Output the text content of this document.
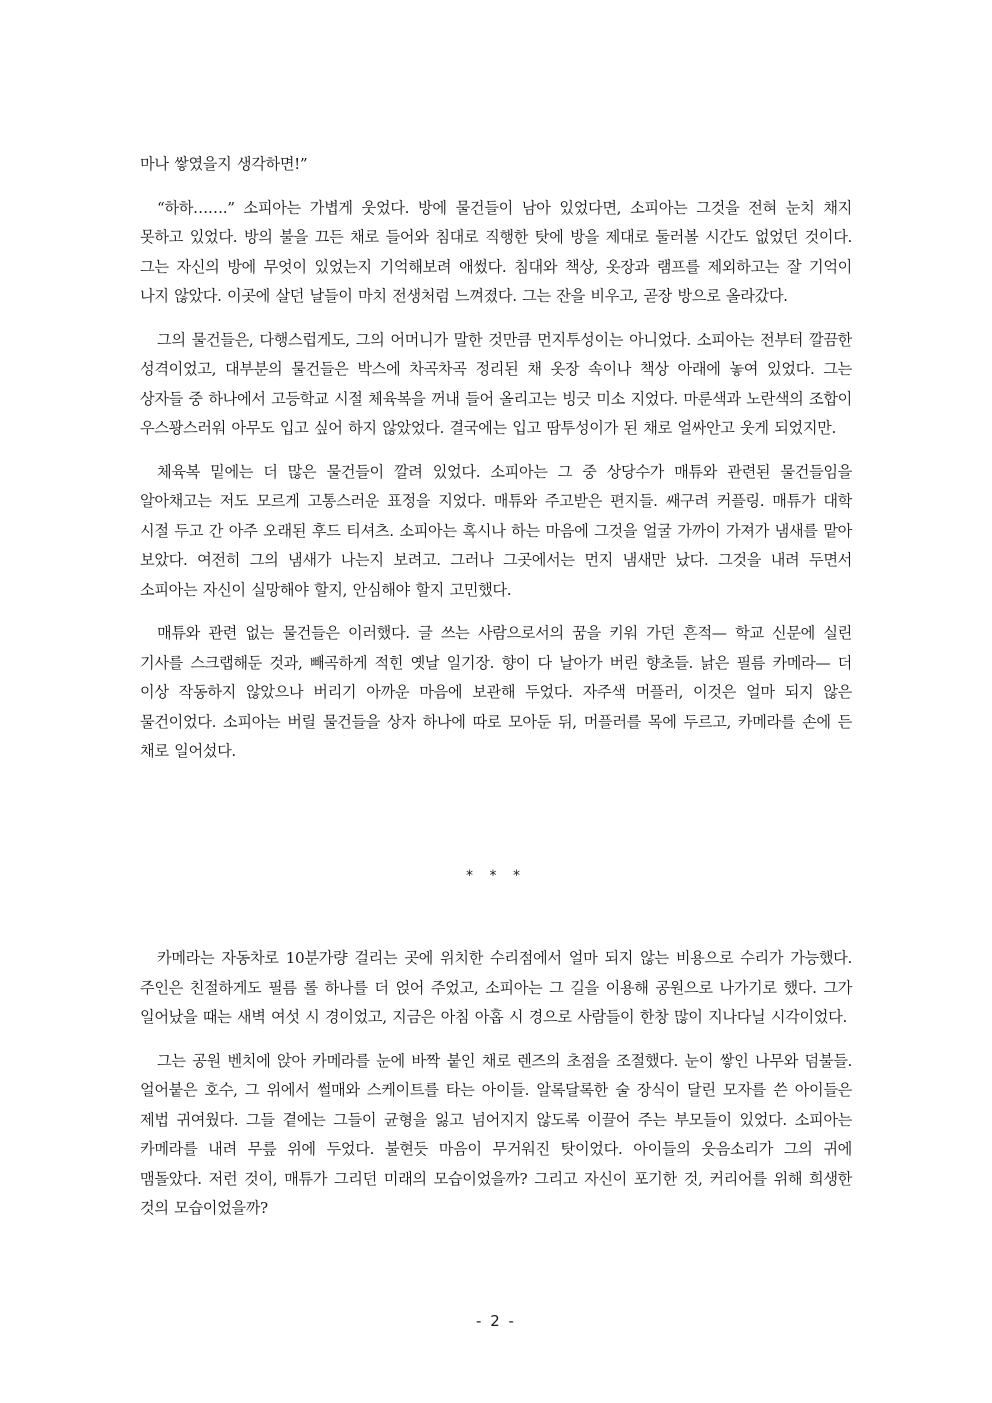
마나 쌓였을지 생각하면!”

“하하…….” 소피아는 가볍게 웃었다. 방에 물건들이 남아 있었다면, 소피아는 그것을 전혀 눈치 채지 못하고 있었다. 방의 불을 끄든 채로 들어와 침대로 직행한 탓에 방을 제대로 둘러볼 시간도 없었던 것이다. 그는 자신의 방에 무엇이 있었는지 기억해보려 애썼다. 침대와 책상, 옷장과 램프를 제외하고는 잘 기억이 나지 않았다. 이곳에 살던 날들이 마치 전생처럼 느껴졌다. 그는 잔을 비우고, 곧장 방으로 올라갔다.

그의 물건들은, 다행스럽게도, 그의 어머니가 말한 것만큼 먼지투성이는 아니었다. 소피아는 전부터 깔끔한 성격이었고, 대부분의 물건들은 박스에 차곡차곡 정리된 채 옷장 속이나 책상 아래에 놓여 있었다. 그는 상자들 중 하나에서 고등학교 시절 체육복을 꺼내 들어 올리고는 빙긋 미소 지었다. 마룬색과 노란색의 조합이 우스꽝스러워 아무도 입고 싶어 하지 않았었다. 결국에는 입고 땀투성이가 된 채로 얼싸안고 웃게 되었지만.

체육복 밑에는 더 많은 물건들이 깔려 있었다. 소피아는 그 중 상당수가 매튜와 관련된 물건들임을 알아채고는 저도 모르게 고통스러운 표정을 지었다. 매튜와 주고받은 편지들. 쌔구려 커플링. 매튜가 대학 시절 두고 간 아주 오래된 후드 티셔츠. 소피아는 혹시나 하는 마음에 그것을 얼굴 가까이 가져가 냄새를 맡아 보았다. 여전히 그의 냄새가 나는지 보려고. 그러나 그곳에서는 먼지 냄새만 났다. 그것을 내려 두면서 소피아는 자신이 실망해야 할지, 안심해야 할지 고민했다.

매튜와 관련 없는 물건들은 이러했다. 글 쓰는 사람으로서의 꿈을 키워 가던 흔적— 학교 신문에 실린 기사를 스크랩해둔 것과, 빼곡하게 적힌 옛날 일기장. 향이 다 날아가 버린 향초들. 낡은 필름 카메라— 더 이상 작동하지 않았으나 버리기 아까운 마음에 보관해 두었다. 자주색 머플러, 이것은 얼마 되지 않은 물건이었다. 소피아는 버릴 물건들을 상자 하나에 따로 모아둔 뒤, 머플러를 목에 두르고, 카메라를 손에 든 채로 일어섰다.

* * *

카메라는 자동차로 10분가량 걸리는 곳에 위치한 수리점에서 얼마 되지 않는 비용으로 수리가 가능했다. 주인은 친절하게도 필름 롤 하나를 더 얹어 주었고, 소피아는 그 길을 이용해 공원으로 나가기로 했다. 그가 일어났을 때는 새벽 여섯 시 경이었고, 지금은 아침 아홉 시 경으로 사람들이 한창 많이 지나다닐 시각이었다.

그는 공원 벤치에 앉아 카메라를 눈에 바짝 붙인 채로 렌즈의 초점을 조절했다. 눈이 쌓인 나무와 덤불들. 얼어붙은 호수, 그 위에서 썰매와 스케이트를 타는 아이들. 알록달록한 술 장식이 달린 모자를 쓴 아이들은 제법 귀여웠다. 그들 곁에는 그들이 균형을 잃고 넘어지지 않도록 이끌어 주는 부모들이 있었다. 소피아는 카메라를 내려 무릎 위에 두었다. 불현듯 마음이 무거워진 탓이었다. 아이들의 웃음소리가 그의 귀에 맴돌았다. 저런 것이, 매튜가 그리던 미래의 모습이었을까? 그리고 자신이 포기한 것, 커리어를 위해 희생한 것의 모습이었을까?

- 2 -
